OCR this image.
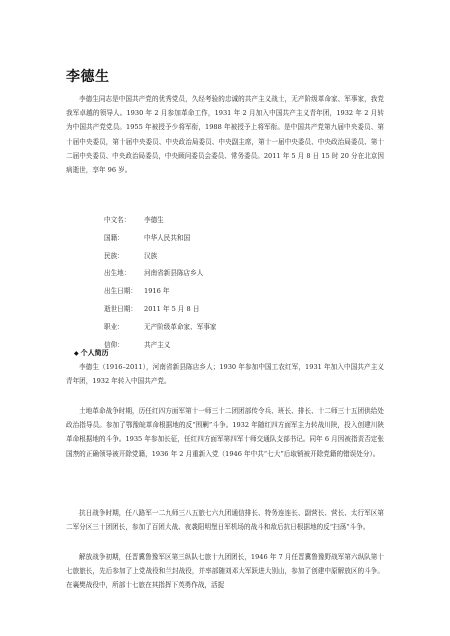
李德生

李德生同志是中国共产党的优秀党员，久经考验的忠诚的共产主义战士，无产阶级革命家、军事家，我党我军卓越的领导人。1930 年 2 月参加革命工作，1931 年 2 月加入中国共产主义青年团，1932 年 2 月转为中国共产党党员。1955 年被授予少将军衔，1988 年被授予上将军衔。是中国共产党第九届中央委员、第十届中央委员，第十届中央委员、中央政治局委员、中央副主席，第十一届中央委员、中央政治局委员、第十二届中央委员、中央政治局委员，中央顾问委员会委员、常务委员。2011 年 5 月 8 日 15 时 20 分在北京因病逝世，享年 96 岁。

中文名： 李德生
国籍：	中华人民共和国
民族：	汉族
出生地： 河南省新县陈店乡人
出生日期： 1916 年
逝世日期： 2011 年 5 月 8 日
职业：	无产阶级革命家、军事家
信仰：	共产主义
◆ 个人简历

李德生（1916–2011），河南省新县陈店乡人；1930 年参加中国工农红军，1931 年加入中国共产主义青年团，1932 年转入中国共产党。

土地革命战争时期，历任红四方面军第十一师三十二团团部传令兵、班长、排长、十二师三十五团供给处政治指导员。参加了鄂豫皖革命根据地的反“围剿”斗争。1932 年随红四方面军主力转战川陕，投入创建川陕革命根据地的斗争。1935 年参加长征，任红四方面军第四军十师交通队支部书记。同年 6 月因被指责否定张国焘的正确领导被开除党籍，1936 年 2 月重新入党（1946 年中共“七大”后取销被开除党籍的错误处分）。

抗日战争时期，任八路军一二九师三八五旅七六九团通信排长、特务连连长、副营长、营长、太行军区第二军分区三十团团长，参加了百团大战、夜袭阳明堡日军机场的战斗和敌后抗日根据地的反“扫荡”斗争。

解放战争初期，任晋冀鲁豫军区第三纵队七旅十九团团长，1946 年 7 月任晋冀鲁豫野战军第六纵队第十七旅旅长，先后参加了上党战役和兰封战役，并率部随刘邓大军跃进大别山，参加了创建中原解放区的斗争。在襄樊战役中，所部十七旅在其指挥下英勇作战，活捉
